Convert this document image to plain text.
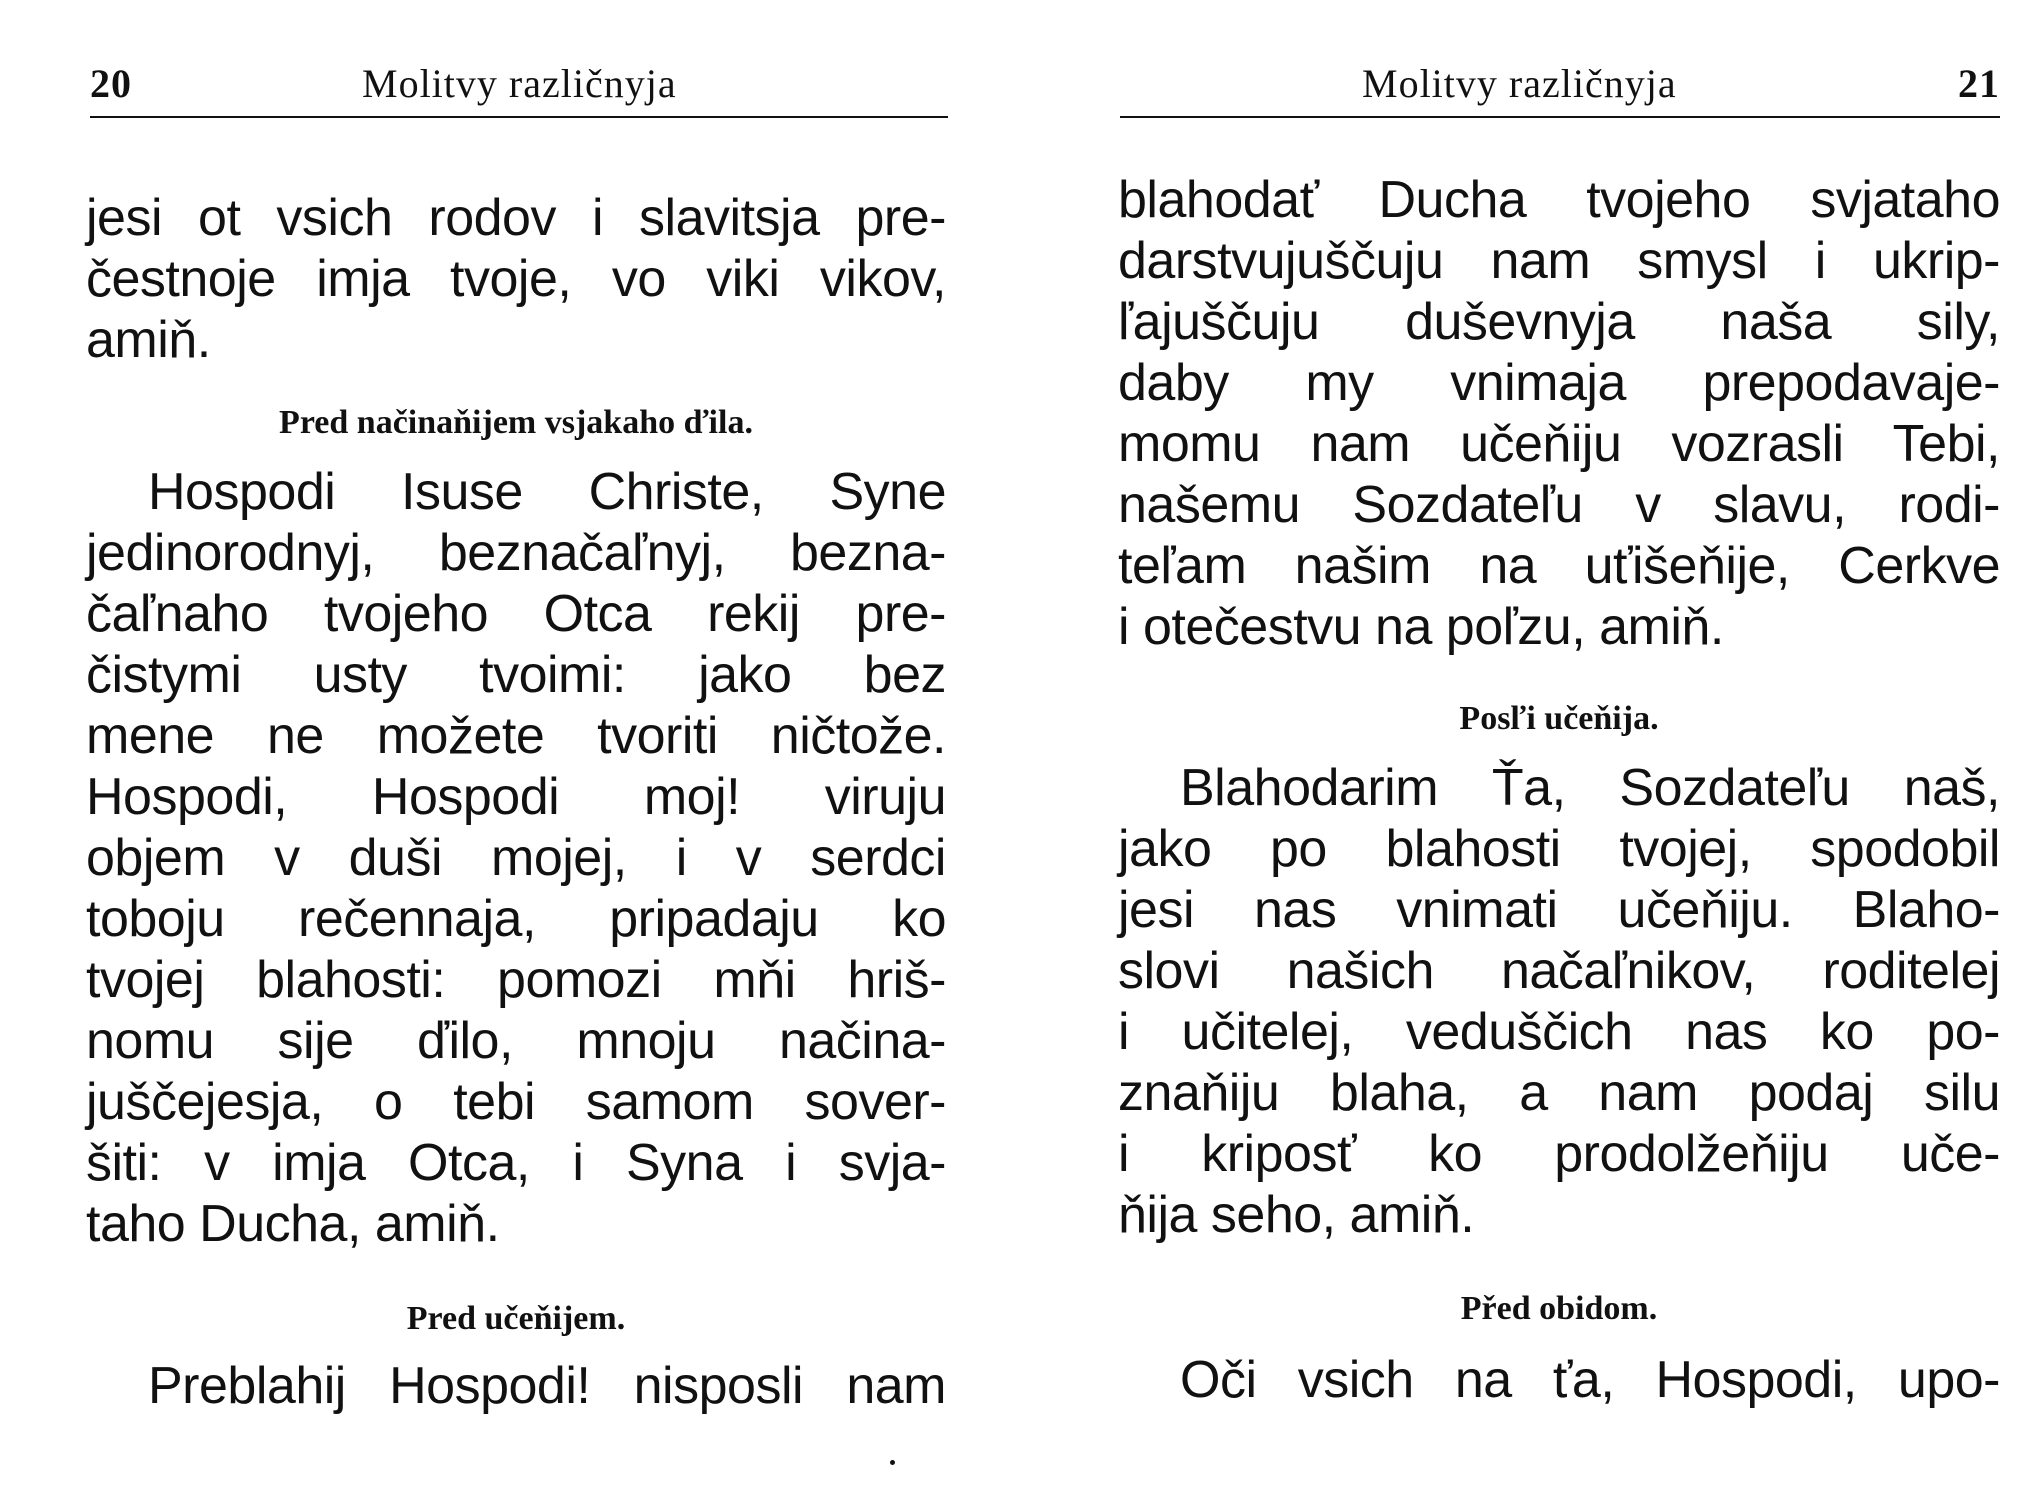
20	Molitvy različnyja
jesi ot vsich rodov i slavitsja pre-
čestnoje imja tvoje, vo viki vikov,
amiň.
Pred načinaňijem vsjakaho ďila.
Hospodi Isuse Christe, Syne
jedinorodnyj, beznačaľnyj, bezna-
čaľnaho tvojeho Otca rekij pre-
čistymi usty tvoimi: jako bez
mene ne možete tvoriti ničtože.
Hospodi, Hospodi moj! viruju
objem v duši mojej, i v serdci
toboju rečennaja, pripadaju ko
tvojej blahosti: pomozi mňi hriš-
nomu sije ďilo, mnoju načina-
juščejesja, o tebi samom sover-
šiti: v imja Otca, i Syna i svja-
taho Ducha, amiň.
Pred učeňijem.
Preblahij Hospodi! nisposli nam
Molitvy različnyja	21
blahodať Ducha tvojeho svjataho
darstvujuščuju nam smysl i ukrip-
ľajuščuju duševnyja naša sily,
daby my vnimaja prepodavaje-
momu nam učeňiju vozrasli Tebi,
našemu Sozdateľu v slavu, rodi-
teľam našim na uťišeňije, Cerkve
i otečestvu na poľzu, amiň.
Posľi učeňija.
Blahodarim Ťa, Sozdateľu naš,
jako po blahosti tvojej, spodobil
jesi nas vnimati učeňiju. Blaho-
slovi našich načaľnikov, roditelej
i učitelej, veduščich nas ko po-
znaňiju blaha, a nam podaj silu
i kriposť ko prodolžeňiju uče-
ňija seho, amiň.
Před obidom.
Oči vsich na ťa, Hospodi, upo-
